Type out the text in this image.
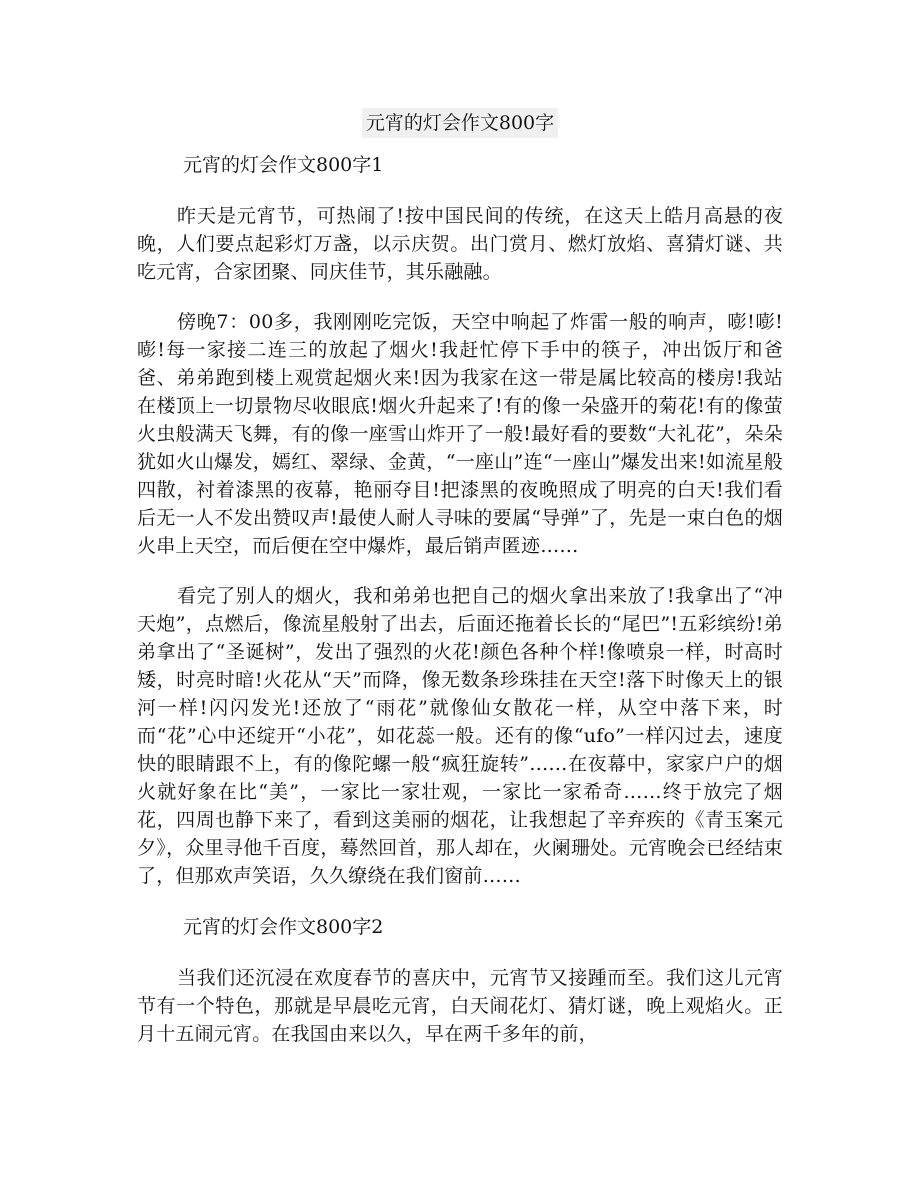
元宵的灯会作文800字
元宵的灯会作文800字1

昨天是元宵节，可热闹了!按中国民间的传统，在这天上皓月高悬的夜晚，人们要点起彩灯万盏，以示庆贺。出门赏月、燃灯放焰、喜猜灯谜、共吃元宵，合家团聚、同庆佳节，其乐融融。

傍晚7：00多，我刚刚吃完饭，天空中响起了炸雷一般的响声，嘭!嘭!嘭!每一家接二连三的放起了烟火!我赶忙停下手中的筷子，冲出饭厅和爸爸、弟弟跑到楼上观赏起烟火来!因为我家在这一带是属比较高的楼房!我站在楼顶上一切景物尽收眼底!烟火升起来了!有的像一朵盛开的菊花!有的像萤火虫般满天飞舞，有的像一座雪山炸开了一般!最好看的要数“大礼花”，朵朵犹如火山爆发，嫣红、翠绿、金黄，“一座山”连“一座山”爆发出来!如流星般四散，衬着漆黑的夜幕，艳丽夺目!把漆黑的夜晚照成了明亮的白天!我们看后无一人不发出赞叹声!最使人耐人寻味的要属“导弹”了，先是一束白色的烟火串上天空，而后便在空中爆炸，最后销声匿迹……

看完了别人的烟火，我和弟弟也把自己的烟火拿出来放了!我拿出了“冲天炮”，点燃后，像流星般射了出去，后面还拖着长长的“尾巴”!五彩缤纷!弟弟拿出了“圣诞树”，发出了强烈的火花!颜色各种个样!像喷泉一样，时高时矮，时亮时暗!火花从“天”而降，像无数条珍珠挂在天空!落下时像天上的银河一样!闪闪发光!还放了“雨花”就像仙女散花一样，从空中落下来，时而“花”心中还绽开“小花”，如花蕊一般。还有的像“ufo”一样闪过去，速度快的眼睛跟不上，有的像陀螺一般“疯狂旋转”……在夜幕中，家家户户的烟火就好象在比“美”，一家比一家壮观，一家比一家希奇……终于放完了烟花，四周也静下来了，看到这美丽的烟花，让我想起了辛弃疾的《青玉案元夕》，众里寻他千百度，蓦然回首，那人却在，火阑珊处。元宵晚会已经结束了，但那欢声笑语，久久缭绕在我们窗前……

元宵的灯会作文800字2

当我们还沉浸在欢度春节的喜庆中，元宵节又接踵而至。我们这儿元宵节有一个特色，那就是早晨吃元宵，白天闹花灯、猜灯谜，晚上观焰火。正月十五闹元宵。在我国由来以久，早在两千多年的前，
